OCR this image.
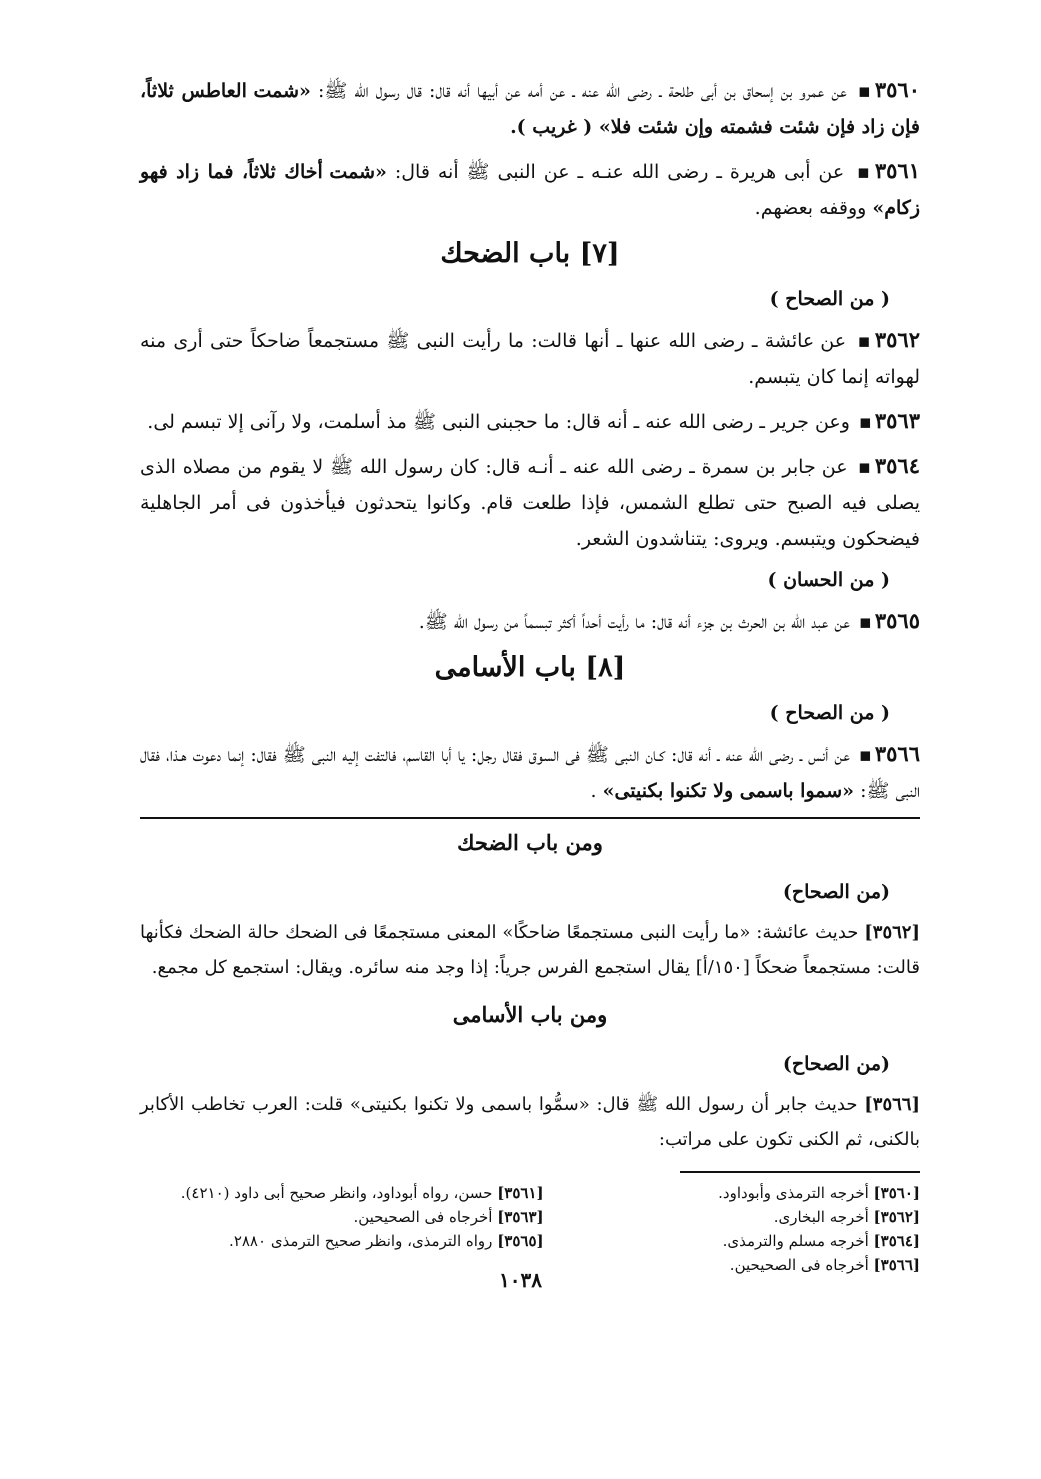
٣٥٦٠▪ عن عمرو بن إسحاق بن أبى طلحة ـ رضى الله عنه ـ عن أمه عن أبيها أنه قال: قال رسول الله ﷺ: «شمت العاطس ثلاثاً، فإن زاد فإن شئت فشمته وإن شئت فلا» ( غريب ).

٣٥٦١▪ عن أبى هريرة ـ رضى الله عنـه ـ عن النبى ﷺ أنه قال: «شمت أخاك ثلاثاً، فما زاد فهو زكام» ووقفه بعضهم.

[٧] باب الضحك
( من الصحاح )

٣٥٦٢▪ عن عائشة ـ رضى الله عنها ـ أنها قالت: ما رأيت النبى ﷺ مستجمعاً ضاحكاً حتى أرى منه لهواته إنما كان يتبسم.

٣٥٦٣▪ وعن جرير ـ رضى الله عنه ـ أنه قال: ما حجبنى النبى ﷺ مذ أسلمت، ولا رآنى إلا تبسم لى.

٣٥٦٤▪ عن جابر بن سمرة ـ رضى الله عنه ـ أنـه قال: كان رسول الله ﷺ لا يقوم من مصلاه الذى يصلى فيه الصبح حتى تطلع الشمس، فإذا طلعت قام. وكانوا يتحدثون فيأخذون فى أمر الجاهلية فيضحكون ويتبسم. ويروى: يتناشدون الشعر.

( من الحسان )

٣٥٦٥▪ عن عبد الله بن الحرث بن جزء أنه قال: ما رأيت أحداً أكثر تبسماً من رسول الله ﷺ.

[٨] باب الأسامى
( من الصحاح )

٣٥٦٦▪ عن أنس ـ رضى الله عنه ـ أنه قال: كـان النبى ﷺ فى السوق فقال رجل: يا أبا القاسم، فالتفت إليه النبى ﷺ فقال: إنما دعوت هـذا، فقال النبى ﷺ: «سموا باسمى ولا تكنوا بكنيتى» .

ومن باب الضحك
(من الصحاح)
[٣٥٦٢] حديث عائشة: «ما رأيت النبى مستجمعًا ضاحكًا» المعنى مستجمعًا فى الضحك حالة الضحك فكأنها قالت: مستجمعاً ضحكاً [١٥٠/أ] يقال استجمع الفرس جرياً: إذا وجد منه سائره. ويقال: استجمع كل مجمع.
ومن باب الأسامى
(من الصحاح)
[٣٥٦٦] حديث جابر أن رسول الله ﷺ قال: «سمُّوا باسمى ولا تكنوا بكنيتى» قلت: العرب تخاطب الأكابر بالكنى، ثم الكنى تكون على مراتب:
[٣٥٦٠] أخرجه الترمذى وأبوداود.
[٣٥٦٢] أخرجه البخارى.
[٣٥٦٤] أخرجه مسلم والترمذى.
[٣٥٦٦] أخرجاه فى الصحيحين.
[٣٥٦١] حسن، رواه أبوداود، وانظر صحيح أبى داود (٤٢١٠).
[٣٥٦٣] أخرجاه فى الصحيحين.
[٣٥٦٥] رواه الترمذى، وانظر صحيح الترمذى ٢٨٨٠.
١٠٣٨
